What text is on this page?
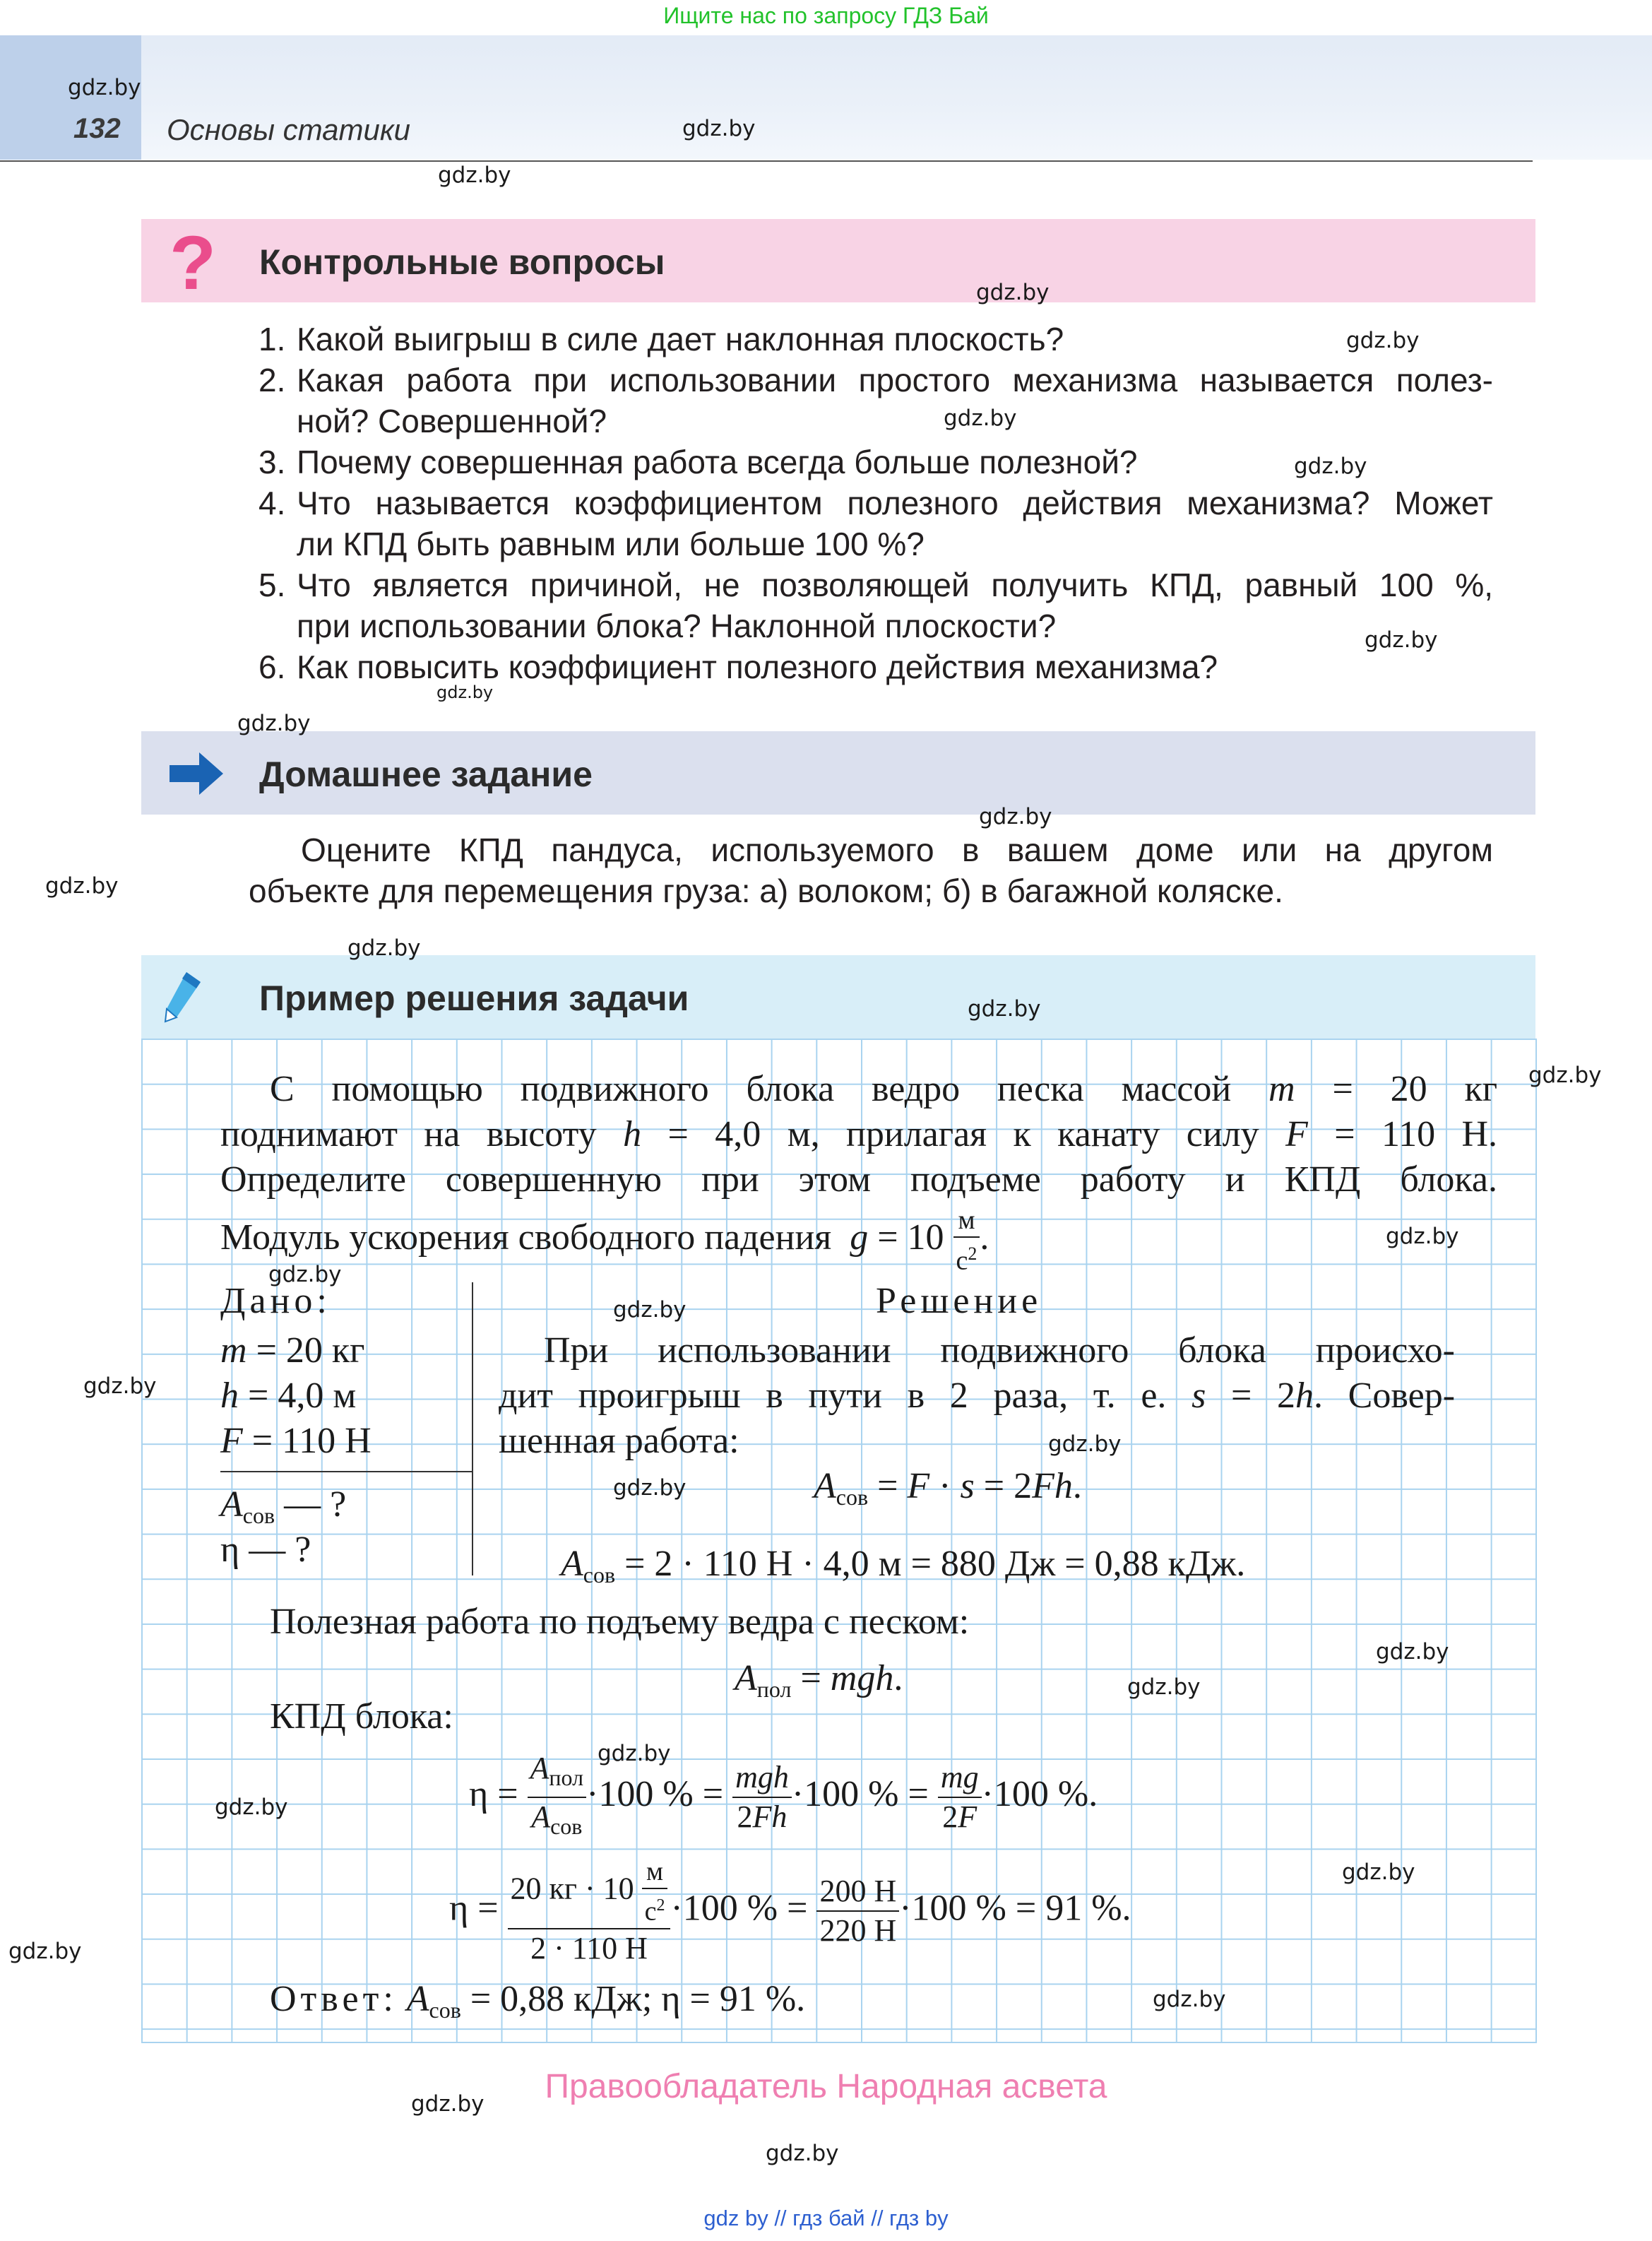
Ищите нас по запросу ГДЗ Бай
132 Основы статики
Контрольные вопросы
?
1. Какой выигрыш в силе дает наклонная плоскость?
2. Какая работа при использовании простого механизма называется полез-
ной? Совершенной?
3. Почему совершенная работа всегда больше полезной?
4. Что называется коэффициентом полезного действия механизма? Может
ли КПД быть равным или больше 100 %?
5. Что является причиной, не позволяющей получить КПД, равный 100 %,
при использовании блока? Наклонной плоскости?
6. Как повысить коэффициент полезного действия механизма?
Домашнее задание
Оцените КПД пандуса, используемого в вашем доме или на другом
объекте для перемещения груза: а) волоком; б) в багажной коляске.
Пример решения задачи
С помощью подвижного блока ведро песка массой m = 20 кг
поднимают на высоту h = 4,0 м, прилагая к канату силу F = 110 Н.
Определите совершенную при этом подъеме работу и КПД блока.
Модуль ускорения свободного падения $g = 10 \frac{м}{с^2}$ .
Дано:
m = 20 кг
h = 4,0 м
F = 110 Н
$A_{сов}$ — ?
η — ?
Решение
При использовании подвижного блока происхо-
дит проигрыш в пути в 2 раза, т. е. s = 2h. Совер-
шенная работа:
$A_{сов} = F \cdot s = 2Fh$.
$A_{сов} = 2 \cdot 110$ Н · 4,0 м = 880 Дж = 0,88 кДж.
Полезная работа по подъему ведра с песком:
$A_{пол}$ = mgh.
КПД блока:
$\eta = \frac{A_{пол}}{A_{сов}} \cdot 100$ % = $\frac{\text{mgh}}{2Fh} \cdot 100$ % = $\frac{mg}{2F} \cdot 100$ %.
$\eta = \frac{20 кг \cdot 10 \frac{м}{с^2}}{2 \cdot 110 Н} \cdot 100$ % = $\frac{200 Н}{220 Н} \cdot 100$ % = 91 %.
Ответ: $A_{сов} = 0,88$ кДж; η = 91 %.
gdz.by
gdz.by
gdz.by
gdz.by
gdz.by
gdz.by
gdz.by
gdz.by
gdz.by
gdz.by
gdz.by
gdz.by
gdz.by
gdz.by
gdz.by
gdz.by
gdz.by
gdz.by
gdz.by
gdz.by
gdz.by
gdz.by
gdz.by
gdz.by
gdz.by
gdz.by
gdz.by
gdz.by
gdz.by
gdz.by
Правообладатель Народная асвета
gdz by // гдз бай // гдз by
